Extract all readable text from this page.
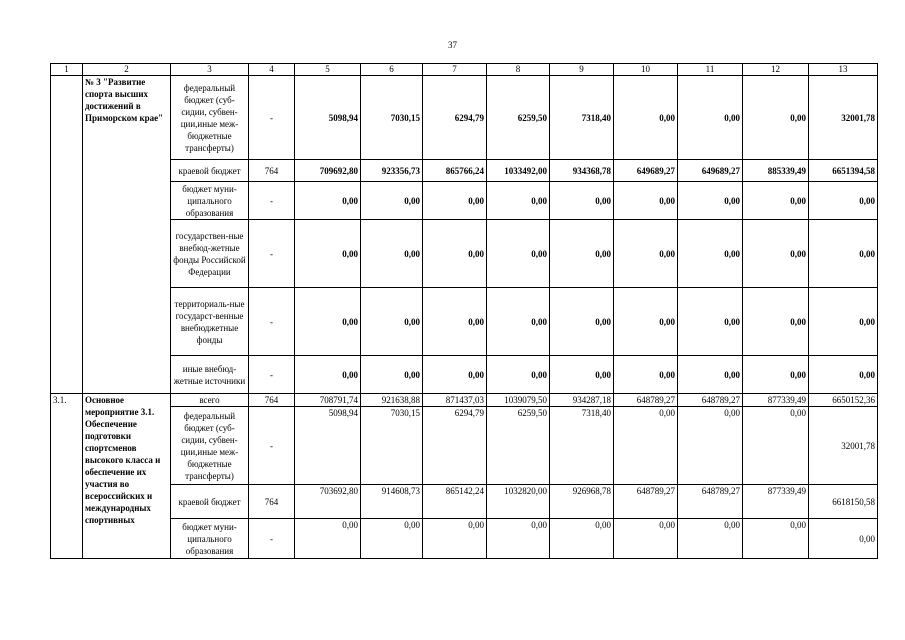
37
1	2	3	4	5	6	7	8	9	10	11	12	13
	№ 3 "Развитие спорта высших достижений в Приморском крае"	федеральный бюджет (суб-сидии, субвен-ции,иные меж-бюджетные трансферты)	-	5098,94	7030,15	6294,79	6259,50	7318,40	0,00	0,00	0,00	32001,78
		краевой бюджет	764	709692,80	923356,73	865766,24	1033492,00	934368,78	649689,27	649689,27	885339,49	6651394,58
		бюджет муни-ципального образования	-	0,00	0,00	0,00	0,00	0,00	0,00	0,00	0,00	0,00
		государствен-ные внебюд-жетные фонды Российской Федерации	-	0,00	0,00	0,00	0,00	0,00	0,00	0,00	0,00	0,00
		территориаль-ные государст-венные внебюджетные фонды	-	0,00	0,00	0,00	0,00	0,00	0,00	0,00	0,00	0,00
		иные внебюд-жетные источники	-	0,00	0,00	0,00	0,00	0,00	0,00	0,00	0,00	0,00
3.1.	Основное мероприятие 3.1. Обеспечение подготовки спортсменов высокого класса и обеспечение их участия во всероссийских и международных спортивных	всего	764	708791,74	921638,88	871437,03	1039079,50	934287,18	648789,27	648789,27	877339,49	6650152,36
		федеральный бюджет (суб-сидии, субвен-ции,иные меж-бюджетные трансферты)	-	5098,94	7030,15	6294,79	6259,50	7318,40	0,00	0,00	0,00	32001,78
		краевой бюджет	764	703692,80	914608,73	865142,24	1032820,00	926968,78	648789,27	648789,27	877339,49	6618150,58
		бюджет муни-ципального образования	-	0,00	0,00	0,00	0,00	0,00	0,00	0,00	0,00	0,00
